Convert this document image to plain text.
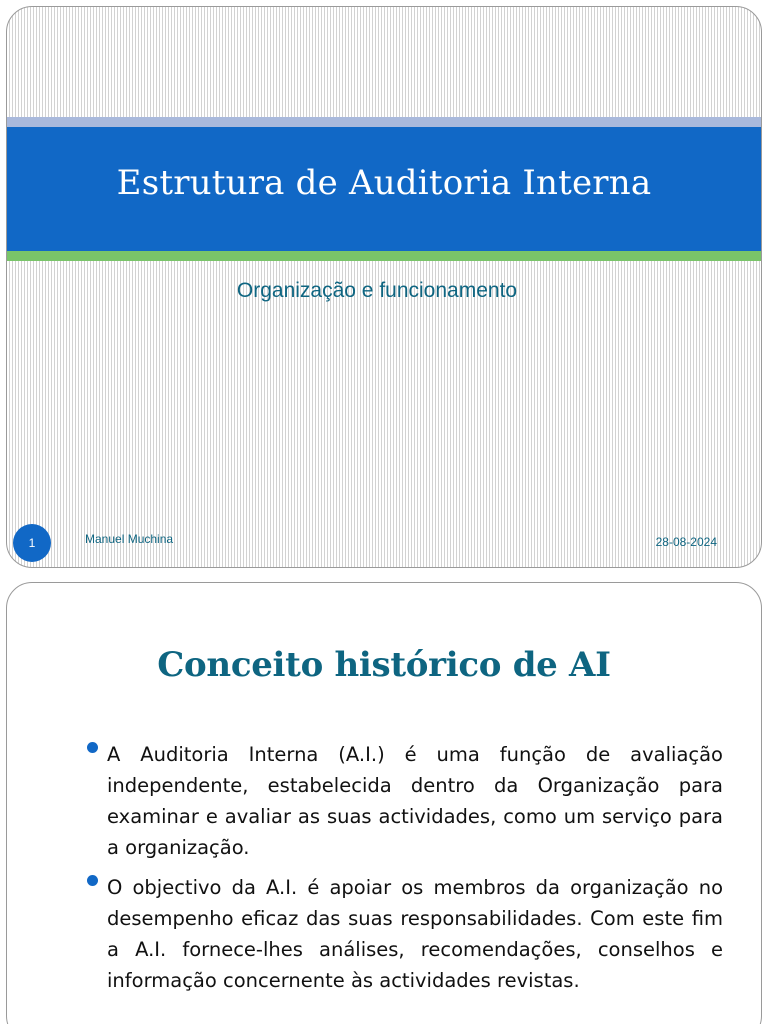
Estrutura de Auditoria Interna
Organização e funcionamento
1	Manuel Muchina	28-08-2024
Conceito histórico de AI
A Auditoria Interna (A.I.) é uma função de avaliação independente, estabelecida dentro da Organização para examinar e avaliar as suas actividades, como um serviço para a organização.
O objectivo da A.I. é apoiar os membros da organização no desempenho eficaz das suas responsabilidades. Com este fim a A.I. fornece-lhes análises, recomendações, conselhos e informação concernente às actividades revistas.
